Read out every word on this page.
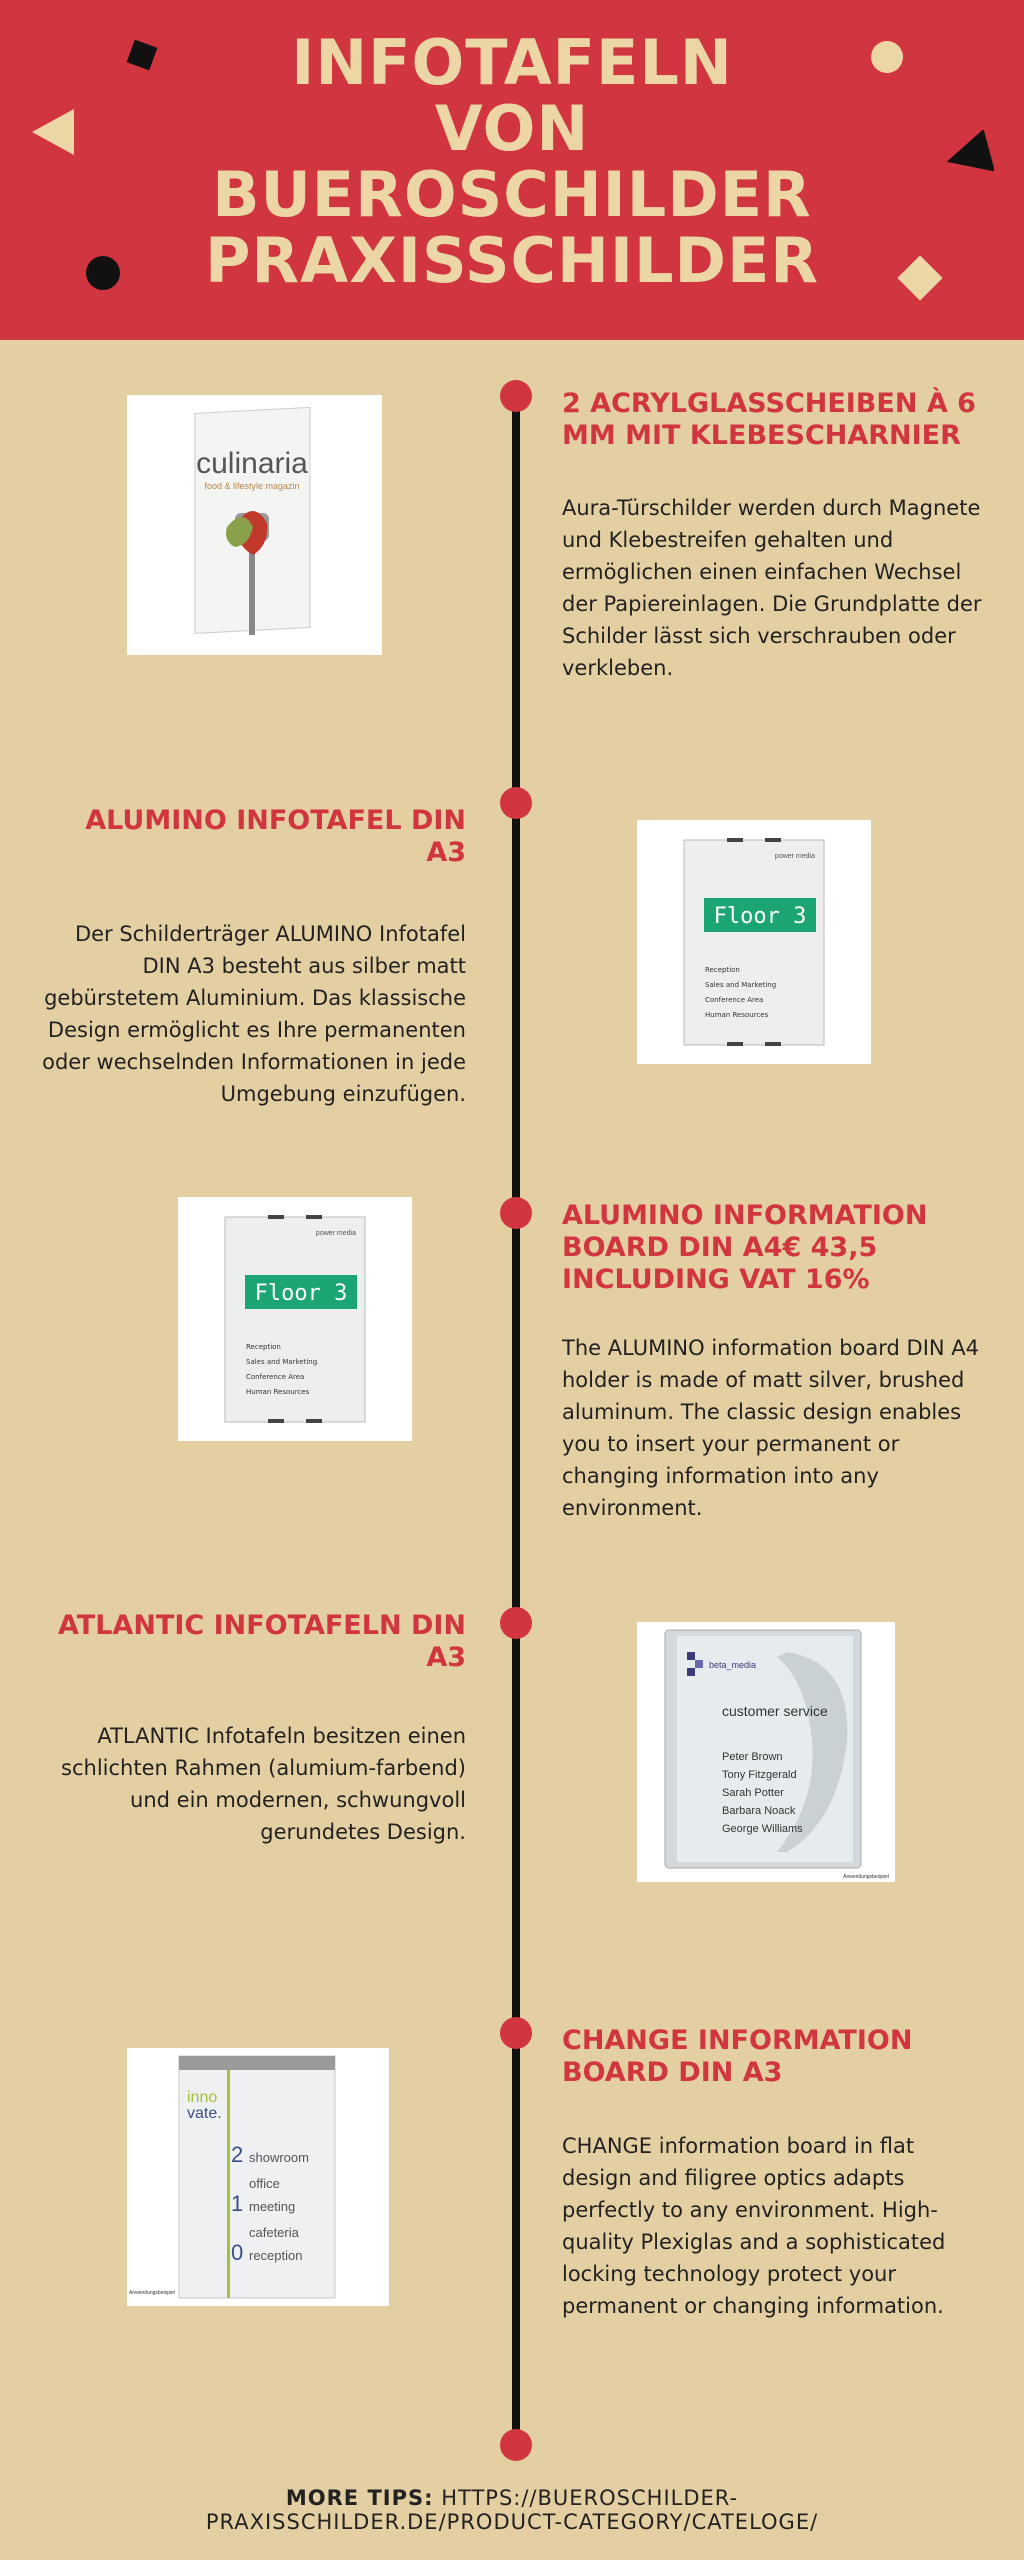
INFOTAFELN
VON
BUEROSCHILDER
PRAXISSCHILDER
2 ACRYLGLASSCHEIBEN À 6 MM MIT KLEBESCHARNIER
Aura-Türschilder werden durch Magnete und Klebestreifen gehalten und ermöglichen einen einfachen Wechsel der Papiereinlagen. Die Grundplatte der Schilder lässt sich verschrauben oder verkleben.
culinaria
food & lifestyle magazin
ALUMINO INFOTAFEL DIN A3
Der Schilderträger ALUMINO Infotafel DIN A3 besteht aus silber matt gebürstetem Aluminium. Das klassische Design ermöglicht es Ihre permanenten oder wechselnden Informationen in jede Umgebung einzufügen.
power media
Floor 3
Reception
Sales and Marketing
Conference Area
Human Resources
ALUMINO INFORMATION BOARD DIN A4€ 43,5 INCLUDING VAT 16%
The ALUMINO information board DIN A4 holder is made of matt silver, brushed aluminum. The classic design enables you to insert your permanent or changing information into any environment.
power media
Floor 3
Reception
Sales and Marketing
Conference Area
Human Resources
ATLANTIC INFOTAFELN DIN A3
ATLANTIC Infotafeln besitzen einen schlichten Rahmen (alumium-farbend) und ein modernen, schwungvoll gerundetes Design.
beta_media
customer service
Peter Brown
Tony Fitzgerald
Sarah Potter
Barbara Noack
George Williams
Anwendungsbeispiel
CHANGE INFORMATION BOARD DIN A3
CHANGE information board in flat design and filigree optics adapts perfectly to any environment. High-quality Plexiglas and a sophisticated locking technology protect your permanent or changing information.
inno
vate.
2 showroom
office
1 meeting
cafeteria
0 reception
Anwendungsbeispiel
MORE TIPS: HTTPS://BUEROSCHILDER-
PRAXISSCHILDER.DE/PRODUCT-CATEGORY/CATELOGE/
